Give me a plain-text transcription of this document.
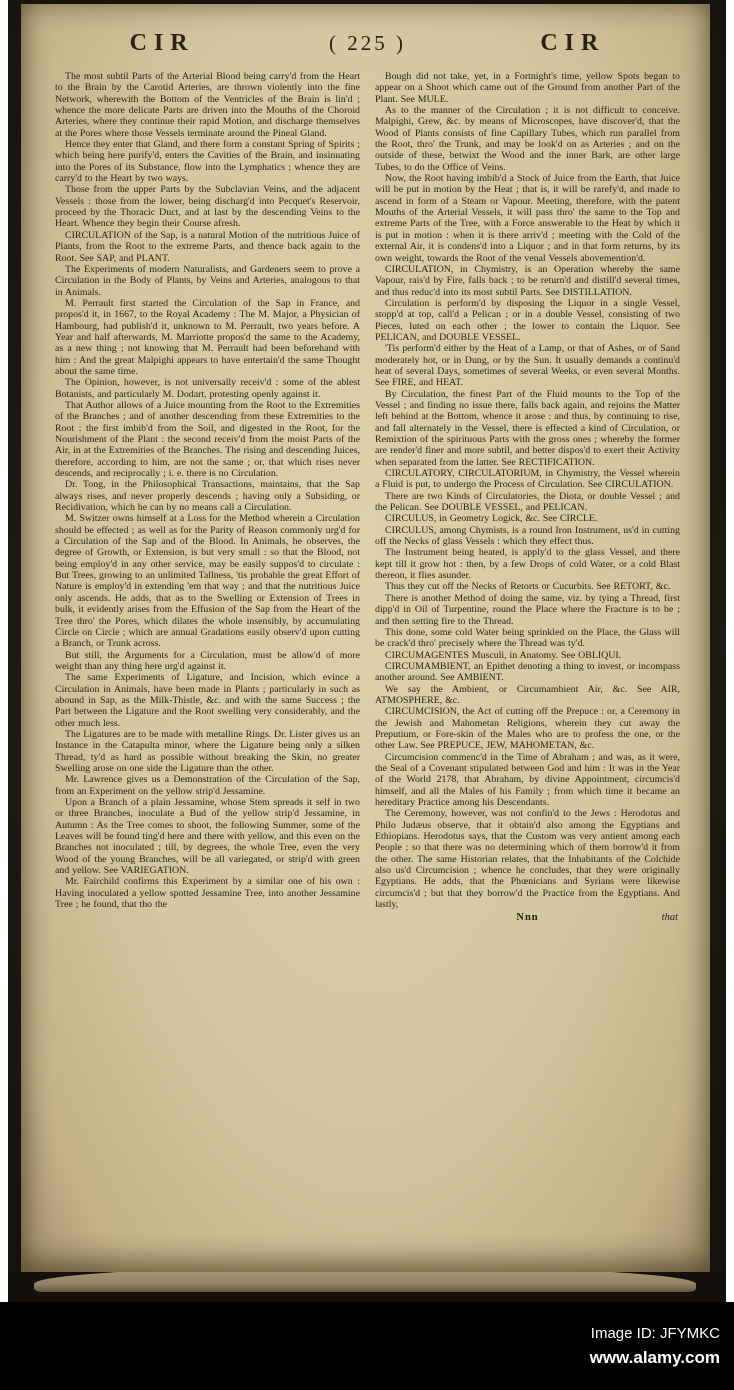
CIR	( 225 )	CIR

The most subtil Parts of the Arterial Blood being carry'd from the Heart to the Brain by the Carotid Arteries, are thrown violently into the fine Network, wherewith the Bottom of the Ventricles of the Brain is lin'd ; whence the more delicate Parts are driven into the Mouths of the Choroid Arteries, where they continue their rapid Motion, and discharge themselves at the Pores where those Vessels terminate around the Pineal Gland.

Hence they enter that Gland, and there form a constant Spring of Spirits ; which being here purify'd, enters the Cavities of the Brain, and insinuating into the Pores of its Substance, flow into the Lymphatics ; whence they are carry'd to the Heart by two ways.

Those from the upper Parts by the Subclavian Veins, and the adjacent Vessels : those from the lower, being discharg'd into Pecquet's Reservoir, proceed by the Thoracic Duct, and at last by the descending Veins to the Heart. Whence they begin their Course afresh.

CIRCULATION of the Sap, is a natural Motion of the nutritious Juice of Plants, from the Root to the extreme Parts, and thence back again to the Root. See SAP, and PLANT.

The Experiments of modern Naturalists, and Gardeners seem to prove a Circulation in the Body of Plants, by Veins and Arteries, analogous to that in Animals.

M. Perrault first started the Circulation of the Sap in France, and propos'd it, in 1667, to the Royal Academy : The M. Major, a Physician of Hambourg, had publish'd it, unknown to M. Perrault, two years before. A Year and half afterwards, M. Marriotte propos'd the same to the Academy, as a new thing ; not knowing that M. Perrault had been beforehand with him : And the great Malpighi appears to have entertain'd the same Thought about the same time.

The Opinion, however, is not universally receiv'd : some of the ablest Botanists, and particularly M. Dodart, protesting openly against it.

That Author allows of a Juice mounting from the Root to the Extremities of the Branches ; and of another descending from these Extremities to the Root : the first imbib'd from the Soil, and digested in the Root, for the Nourishment of the Plant : the second receiv'd from the moist Parts of the Air, in at the Extremities of the Branches. The rising and descending Juices, therefore, according to him, are not the same ; or, that which rises never descends, and reciprocally ; i. e. there is no Circulation.

Dr. Tong, in the Philosophical Transactions, maintains, that the Sap always rises, and never properly descends ; having only a Subsiding, or Recidivation, which he can by no means call a Circulation.

M. Switzer owns himself at a Loss for the Method wherein a Circulation should be effected ; as well as for the Parity of Reason commonly urg'd for a Circulation of the Sap and of the Blood. In Animals, he observes, the degree of Growth, or Extension, is but very small : so that the Blood, not being employ'd in any other service, may be easily suppos'd to circulate : But Trees, growing to an unlimited Tallness, 'tis probable the great Effort of Nature is employ'd in extending 'em that way ; and that the nutritious Juice only ascends. He adds, that as to the Swelling or Extension of Trees in bulk, it evidently arises from the Effusion of the Sap from the Heart of the Tree thro' the Pores, which dilates the whole insensibly, by accumulating Circle on Circle ; which are annual Gradations easily observ'd upon cutting a Branch, or Trunk across.

But still, the Arguments for a Circulation, must be allow'd of more weight than any thing here urg'd against it.

The same Experiments of Ligature, and Incision, which evince a Circulation in Animals, have been made in Plants ; particularly in such as abound in Sap, as the Milk-Thistle, &c. and with the same Success ; the Part between the Ligature and the Root swelling very considerably, and the other much less.

The Ligatures are to be made with metalline Rings. Dr. Lister gives us an Instance in the Catapulta minor, where the Ligature being only a silken Thread, ty'd as hard as possible without breaking the Skin, no greater Swelling arose on one side the Ligature than the other.

Mr. Lawrence gives us a Demonstration of the Circulation of the Sap, from an Experiment on the yellow strip'd Jessamine.

Upon a Branch of a plain Jessamine, whose Stem spreads it self in two or three Branches, inoculate a Bud of the yellow strip'd Jessamine, in Autumn : As the Tree comes to shoot, the following Summer, some of the Leaves will be found ting'd here and there with yellow, and this even on the Branches not inoculated ; till, by degrees, the whole Tree, even the very Wood of the young Branches, will be all variegated, or strip'd with green and yellow. See VARIEGATION.

Mr. Fairchild confirms this Experiment by a similar one of his own : Having inoculated a yellow spotted Jessamine Tree, into another Jessamine Tree ; he found, that tho the

Bough did not take, yet, in a Fortnight's time, yellow Spots began to appear on a Shoot which came out of the Ground from another Part of the Plant. See MULE.

As to the manner of the Circulation ; it is not difficult to conceive. Malpighi, Grew, &c. by means of Microscopes, have discover'd, that the Wood of Plants consists of fine Capillary Tubes, which run parallel from the Root, thro' the Trunk, and may be look'd on as Arteries ; and on the outside of these, betwixt the Wood and the inner Bark, are other large Tubes, to do the Office of Veins.

Now, the Root having imbib'd a Stock of Juice from the Earth, that Juice will be put in motion by the Heat ; that is, it will be rarefy'd, and made to ascend in form of a Steam or Vapour. Meeting, therefore, with the patent Mouths of the Arterial Vessels, it will pass thro' the same to the Top and extreme Parts of the Tree, with a Force answerable to the Heat by which it is put in motion : when it is there arriv'd ; meeting with the Cold of the external Air, it is condens'd into a Liquor ; and in that form returns, by its own weight, towards the Root of the venal Vessels abovemention'd.

CIRCULATION, in Chymistry, is an Operation whereby the same Vapour, rais'd by Fire, falls back ; to be return'd and distill'd several times, and thus reduc'd into its most subtil Parts. See DISTILLATION.

Circulation is perform'd by disposing the Liquor in a single Vessel, stopp'd at top, call'd a Pelican ; or in a double Vessel, consisting of two Pieces, luted on each other ; the lower to contain the Liquor. See PELICAN, and DOUBLE VESSEL.

'Tis perform'd either by the Heat of a Lamp, or that of Ashes, or of Sand moderately hot, or in Dung, or by the Sun. It usually demands a continu'd heat of several Days, sometimes of several Weeks, or even several Months. See FIRE, and HEAT.

By Circulation, the finest Part of the Fluid mounts to the Top of the Vessel ; and finding no issue there, falls back again, and rejoins the Matter left behind at the Bottom, whence it arose : and thus, by continuing to rise, and fall alternately in the Vessel, there is effected a kind of Circulation, or Remixtion of the spirituous Parts with the gross ones ; whereby the former are render'd finer and more subtil, and better dispos'd to exert their Activity when separated from the latter. See RECTIFICATION.

CIRCULATORY, CIRCULATORIUM, in Chymistry, the Vessel wherein a Fluid is put, to undergo the Process of Circulation. See CIRCULATION.

There are two Kinds of Circulatories, the Diota, or double Vessel ; and the Pelican. See DOUBLE VESSEL, and PELICAN.

CIRCULUS, in Geometry Logick, &c. See CIRCLE.

CIRCULUS, among Chymists, is a round Iron Instrument, us'd in cutting off the Necks of glass Vessels : which they effect thus.

The Instrument being heated, is apply'd to the glass Vessel, and there kept till it grow hot : then, by a few Drops of cold Water, or a cold Blast thereon, it flies asunder.

Thus they cut off the Necks of Retorts or Cucurbits. See RETORT, &c.

There is another Method of doing the same, viz. by tying a Thread, first dipp'd in Oil of Turpentine, round the Place where the Fracture is to be ; and then setting fire to the Thread.

This done, some cold Water being sprinkled on the Place, the Glass will be crack'd thro' precisely where the Thread was ty'd.

CIRCUMAGENTES Musculi, in Anatomy. See OBLIQUI.

CIRCUMAMBIENT, an Epithet denoting a thing to invest, or incompass another around. See AMBIENT.

We say the Ambient, or Circumambient Air, &c. See AIR, ATMOSPHERE, &c.

CIRCUMCISION, the Act of cutting off the Prepuce : or, a Ceremony in the Jewish and Mahometan Religions, wherein they cut away the Preputium, or Fore-skin of the Males who are to profess the one, or the other Law. See PREPUCE, JEW, MAHOMETAN, &c.

Circumcision commenc'd in the Time of Abraham ; and was, as it were, the Seal of a Covenant stipulated between God and him : It was in the Year of the World 2178, that Abraham, by divine Appointment, circumcis'd himself, and all the Males of his Family ; from which time it became an hereditary Practice among his Descendants.

The Ceremony, however, was not confin'd to the Jews : Herodotus and Philo Judæus observe, that it obtain'd also among the Egyptians and Ethiopians. Herodotus says, that the Custom was very antient among each People ; so that there was no determining which of them borrow'd it from the other. The same Historian relates, that the Inhabitants of the Colchide also us'd Circumcision ; whence he concludes, that they were originally Egyptians. He adds, that the Phœnicians and Syrians were likewise circumcis'd ; but that they borrow'd the Practice from the Egyptians. And lastly,

Nnn	that
Image ID: JFYMKC
www.alamy.com
